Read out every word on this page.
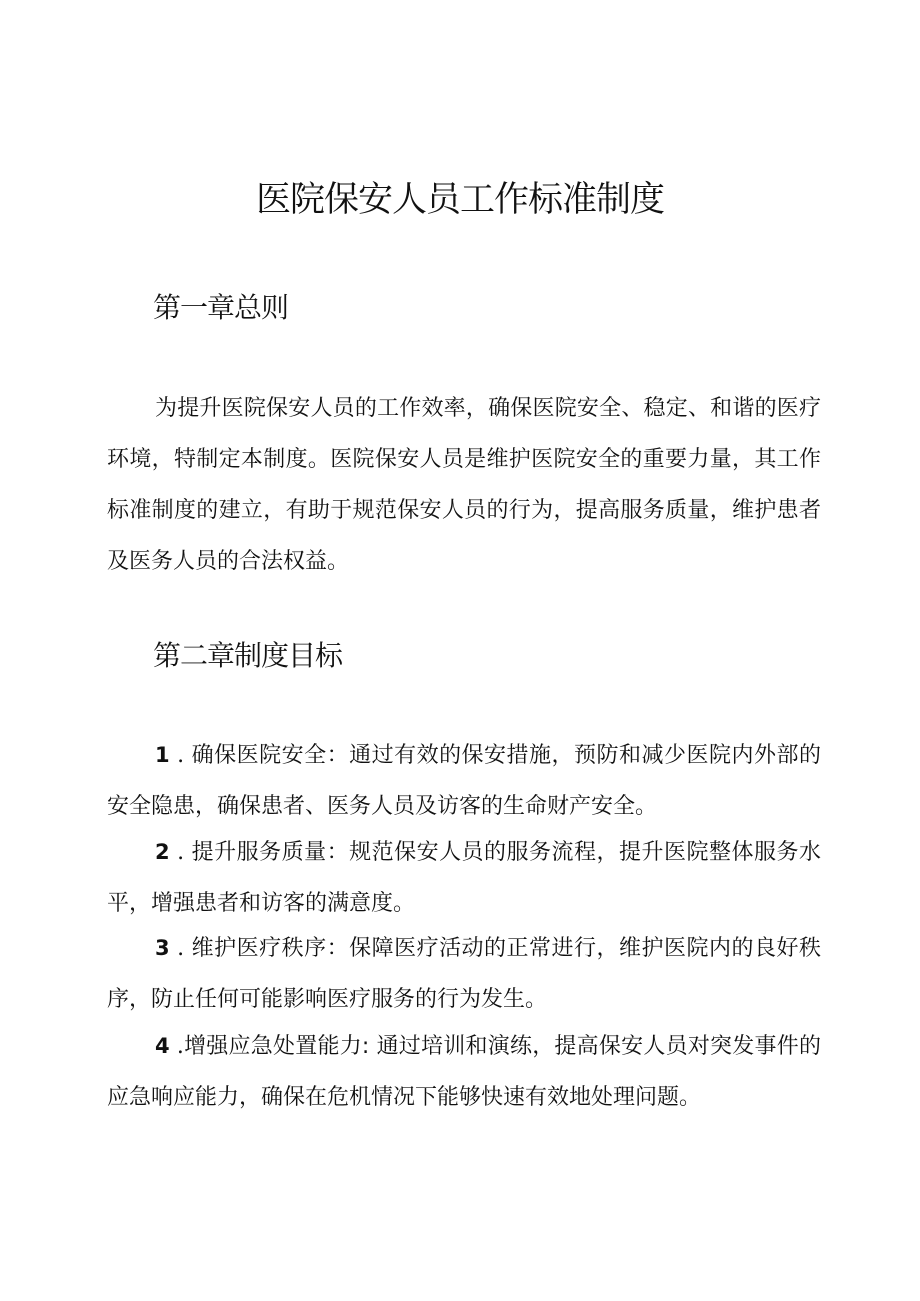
医院保安人员工作标准制度
第一章总则

为提升医院保安人员的工作效率，确保医院安全、稳定、和谐的医疗环境，特制定本制度。医院保安人员是维护医院安全的重要力量，其工作标准制度的建立，有助于规范保安人员的行为，提高服务质量，维护患者及医务人员的合法权益。

第二章制度目标

1 . 确保医院安全：通过有效的保安措施，预防和减少医院内外部的安全隐患，确保患者、医务人员及访客的生命财产安全。

2 . 提升服务质量：规范保安人员的服务流程，提升医院整体服务水平，增强患者和访客的满意度。

3 . 维护医疗秩序：保障医疗活动的正常进行，维护医院内的良好秩序，防止任何可能影响医疗服务的行为发生。

4 .增强应急处置能力: 通过培训和演练，提高保安人员对突发事件的应急响应能力，确保在危机情况下能够快速有效地处理问题。
